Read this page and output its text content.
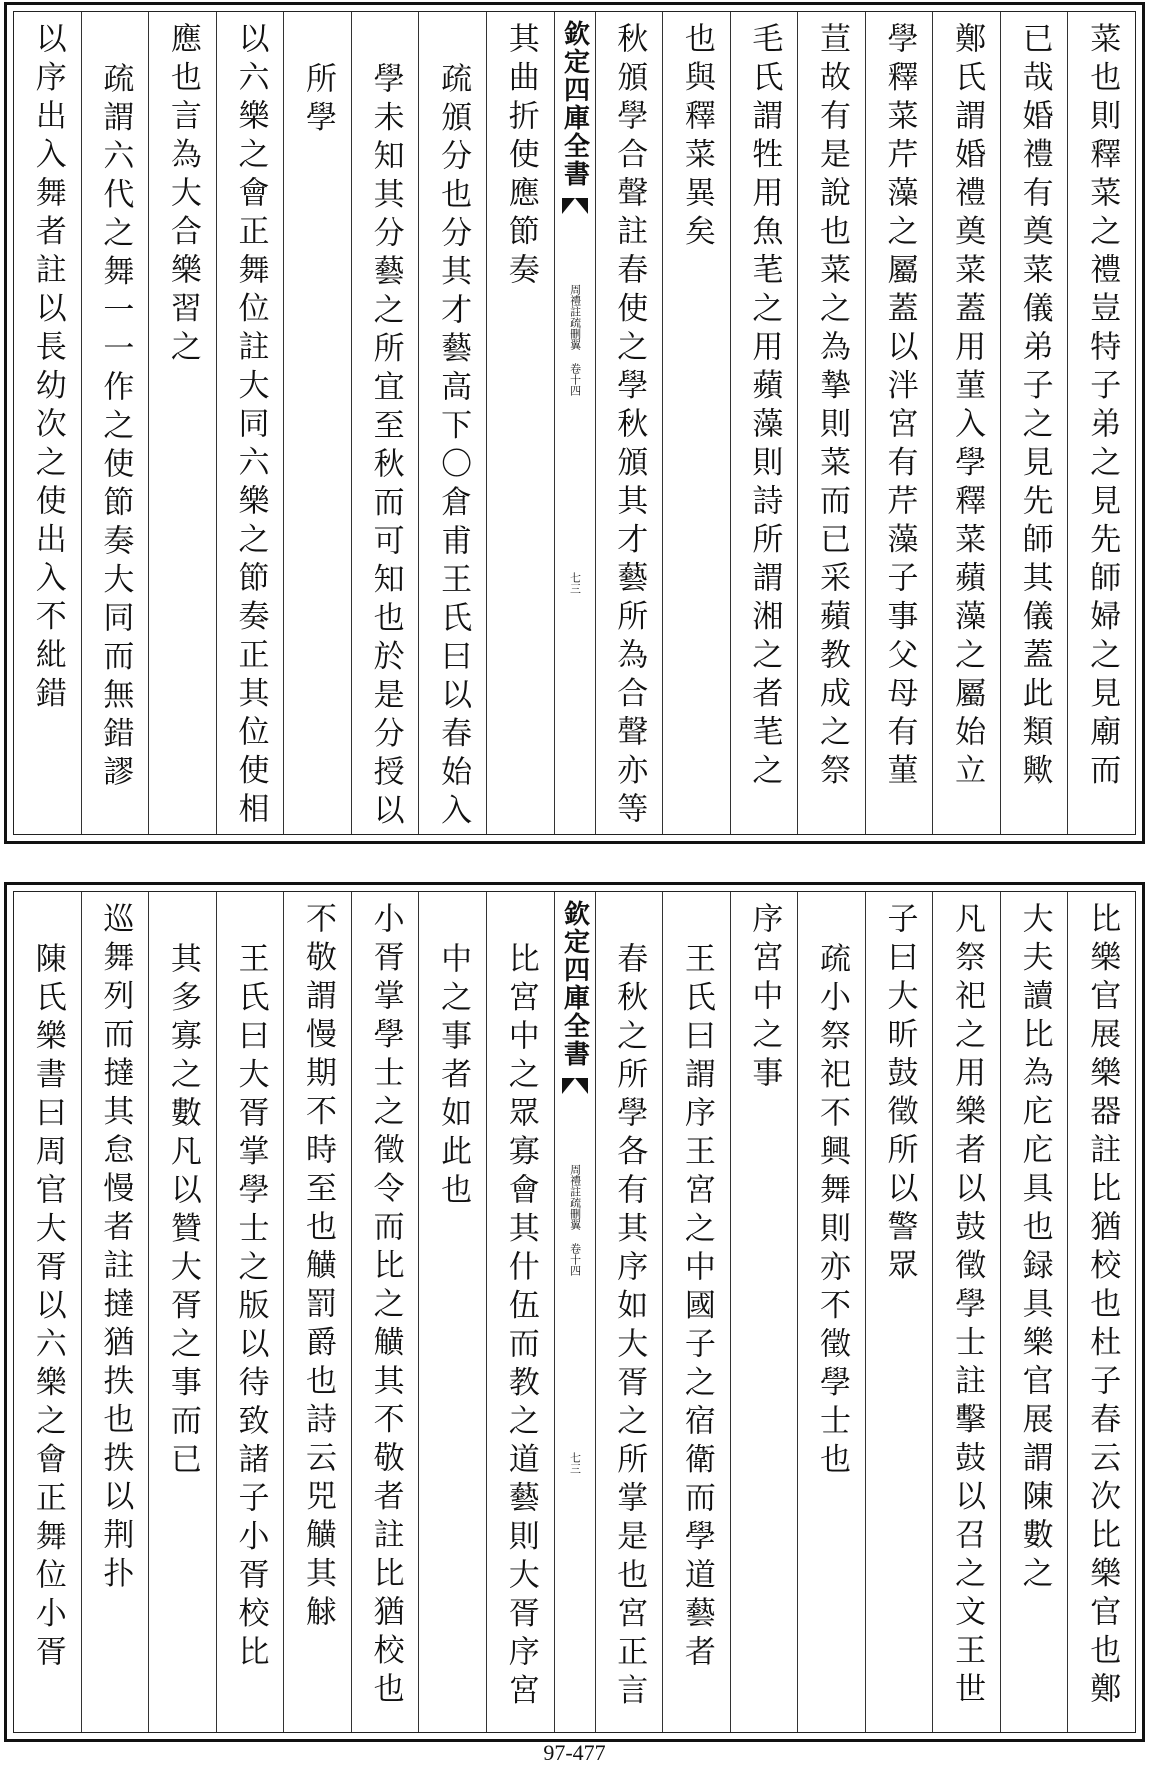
菜也則釋菜之禮豈特子弟之見先師婦之見廟而
已哉婚禮有奠菜儀弟子之見先師其儀蓋此類歟
鄭氏謂婚禮奠菜蓋用菫入學釋菜蘋藻之屬始立
學釋菜芹藻之屬蓋以泮宮有芹藻子事父母有菫
荁故有是說也菜之為摯則菜而已采蘋教成之祭
毛氏謂牲用魚芼之用蘋藻則詩所謂湘之者芼之
也與釋菜異矣
秋頒學合聲註春使之學秋頒其才藝所為合聲亦等
欽定四庫全書
周禮註疏刪翼 卷十四
七三
其曲折使應節奏
疏頒分也分其才藝高下〇倉甫王氏曰以春始入
學未知其分藝之所宜至秋而可知也於是分授以
所學
以六樂之會正舞位註大同六樂之節奏正其位使相
應也言為大合樂習之
疏謂六代之舞一一作之使節奏大同而無錯謬
以序出入舞者註以長幼次之使出入不紕錯
比樂官展樂器註比猶校也杜子春云次比樂官也鄭
大夫讀比為庀庀具也録具樂官展謂陳數之
凡祭祀之用樂者以鼓徵學士註擊鼓以召之文王世
子曰大昕鼓徵所以警眾
疏小祭祀不興舞則亦不徵學士也
序宮中之事
王氏曰謂序王宮之中國子之宿衛而學道藝者
春秋之所學各有其序如大胥之所掌是也宮正言
欽定四庫全書
周禮註疏刪翼 卷十四
七三
比宮中之眾寡會其什伍而教之道藝則大胥序宮
中之事者如此也
小胥掌學士之徵令而比之觵其不敬者註比猶校也
不敬謂慢期不時至也觵罰爵也詩云兕觵其觩
王氏曰大胥掌學士之版以待致諸子小胥校比
其多寡之數凡以贊大胥之事而已
巡舞列而撻其怠慢者註撻猶抶也抶以荆扑
陳氏樂書曰周官大胥以六樂之會正舞位小胥
97-477
